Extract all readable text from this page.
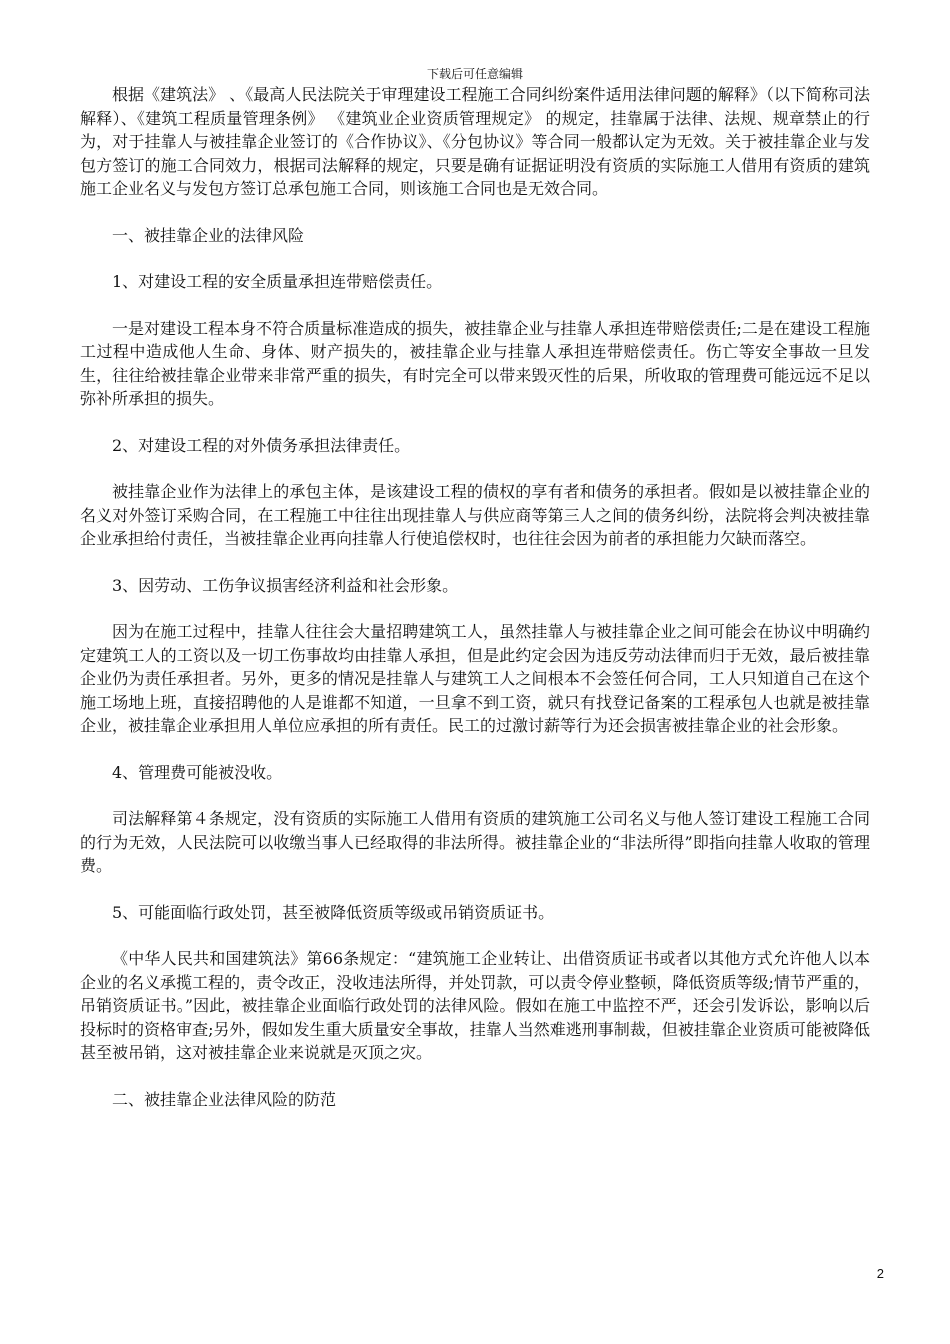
下载后可任意编辑

根据《建筑法》 、《最高人民法院关于审理建设工程施工合同纠纷案件适用法律问题的解释》（以下简称司法解释）、《建筑工程质量管理条例》 《建筑业企业资质管理规定》 的规定，挂靠属于法律、法规、规章禁止的行为，对于挂靠人与被挂靠企业签订的《合作协议》、《分包协议》等合同一般都认定为无效。关于被挂靠企业与发包方签订的施工合同效力，根据司法解释的规定，只要是确有证据证明没有资质的实际施工人借用有资质的建筑施工企业名义与发包方签订总承包施工合同，则该施工合同也是无效合同。

一、被挂靠企业的法律风险

1、对建设工程的安全质量承担连带赔偿责任。

一是对建设工程本身不符合质量标准造成的损失，被挂靠企业与挂靠人承担连带赔偿责任;二是在建设工程施工过程中造成他人生命、身体、财产损失的，被挂靠企业与挂靠人承担连带赔偿责任。伤亡等安全事故一旦发生，往往给被挂靠企业带来非常严重的损失，有时完全可以带来毁灭性的后果，所收取的管理费可能远远不足以弥补所承担的损失。

2、对建设工程的对外债务承担法律责任。

被挂靠企业作为法律上的承包主体，是该建设工程的债权的享有者和债务的承担者。假如是以被挂靠企业的名义对外签订采购合同，在工程施工中往往出现挂靠人与供应商等第三人之间的债务纠纷，法院将会判决被挂靠企业承担给付责任，当被挂靠企业再向挂靠人行使追偿权时，也往往会因为前者的承担能力欠缺而落空。

3、因劳动、工伤争议损害经济利益和社会形象。

因为在施工过程中，挂靠人往往会大量招聘建筑工人，虽然挂靠人与被挂靠企业之间可能会在协议中明确约定建筑工人的工资以及一切工伤事故均由挂靠人承担，但是此约定会因为违反劳动法律而归于无效，最后被挂靠企业仍为责任承担者。另外，更多的情况是挂靠人与建筑工人之间根本不会签任何合同，工人只知道自己在这个施工场地上班，直接招聘他的人是谁都不知道，一旦拿不到工资，就只有找登记备案的工程承包人也就是被挂靠企业，被挂靠企业承担用人单位应承担的所有责任。民工的过激讨薪等行为还会损害被挂靠企业的社会形象。

4、管理费可能被没收。

司法解释第４条规定，没有资质的实际施工人借用有资质的建筑施工公司名义与他人签订建设工程施工合同的行为无效，人民法院可以收缴当事人已经取得的非法所得。被挂靠企业的“非法所得”即指向挂靠人收取的管理费。

5、可能面临行政处罚，甚至被降低资质等级或吊销资质证书。

《中华人民共和国建筑法》第66条规定：“建筑施工企业转让、出借资质证书或者以其他方式允许他人以本企业的名义承揽工程的，责令改正，没收违法所得，并处罚款，可以责令停业整顿，降低资质等级;情节严重的，吊销资质证书。”因此，被挂靠企业面临行政处罚的法律风险。假如在施工中监控不严，还会引发诉讼，影响以后投标时的资格审查;另外，假如发生重大质量安全事故，挂靠人当然难逃刑事制裁，但被挂靠企业资质可能被降低甚至被吊销，这对被挂靠企业来说就是灭顶之灾。

二、被挂靠企业法律风险的防范

2
